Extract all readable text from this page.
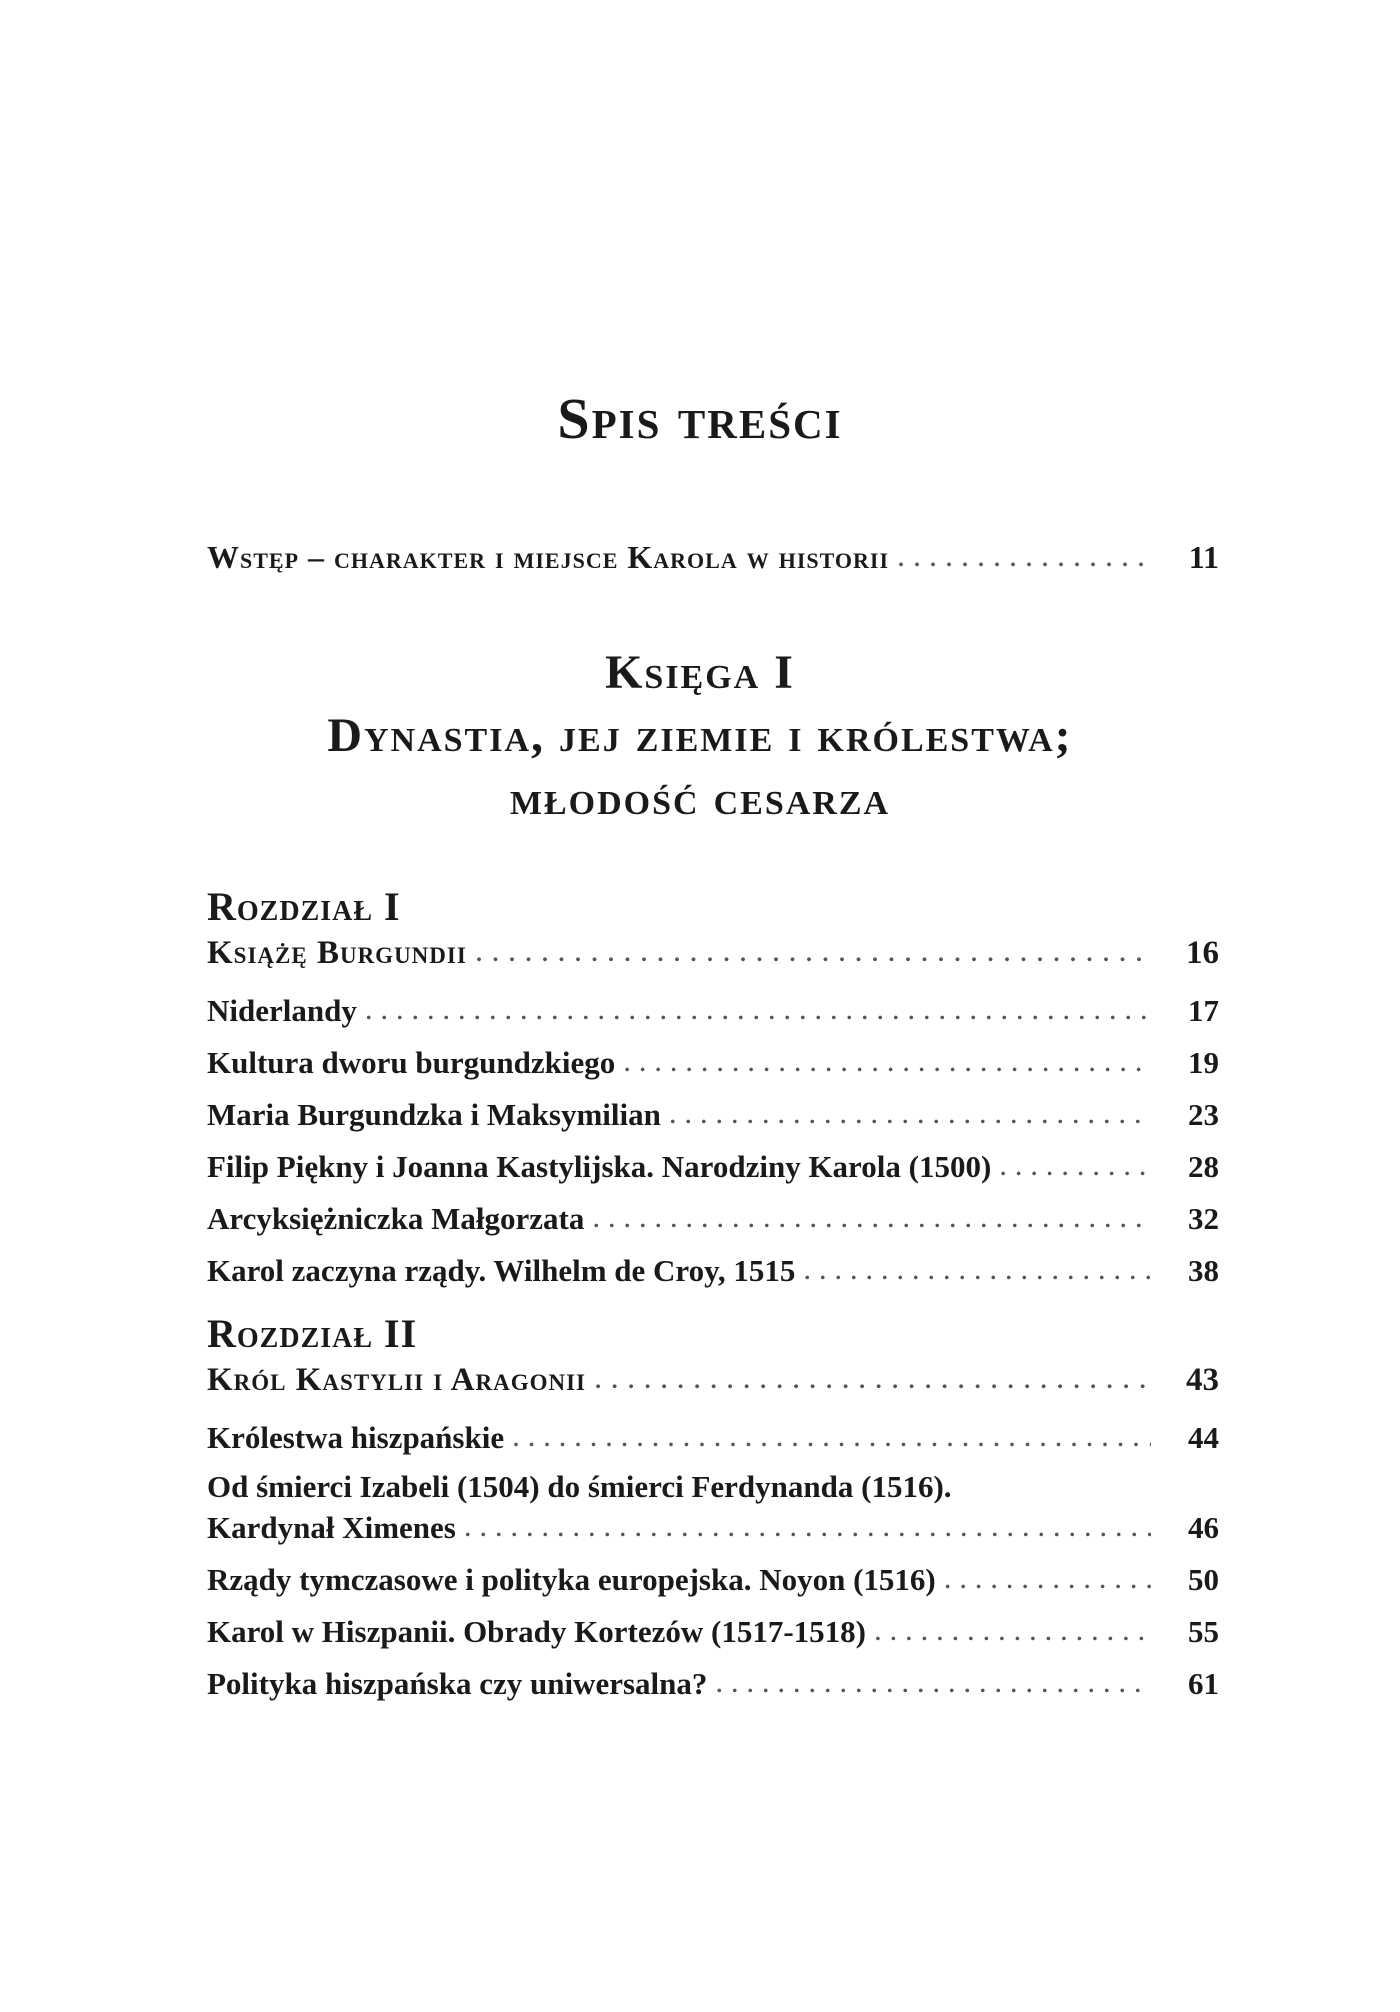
Spis treści
Wstęp – charakter i miejsce Karola w historii . . .	11
Księga I
Dynastia, jej ziemie i królestwa;
młodość cesarza
Rozdział I
Książę Burgundii . . .	16
Niderlandy . . .	17
Kultura dworu burgundzkiego . . .	19
Maria Burgundzka i Maksymilian . . .	23
Filip Piękny i Joanna Kastylijska. Narodziny Karola (1500) . . .	28
Arcyksiężniczka Małgorzata . . .	32
Karol zaczyna rządy. Wilhelm de Croy, 1515 . . .	38
Rozdział II
Król Kastylii i Aragonii . . .	43
Królestwa hiszpańskie . . .	44
Od śmierci Izabeli (1504) do śmierci Ferdynanda (1516).
Kardynał Ximenes . . .	46
Rządy tymczasowe i polityka europejska. Noyon (1516) . . .	50
Karol w Hiszpanii. Obrady Kortezów (1517-1518) . . .	55
Polityka hiszpańska czy uniwersalna? . . .	61
